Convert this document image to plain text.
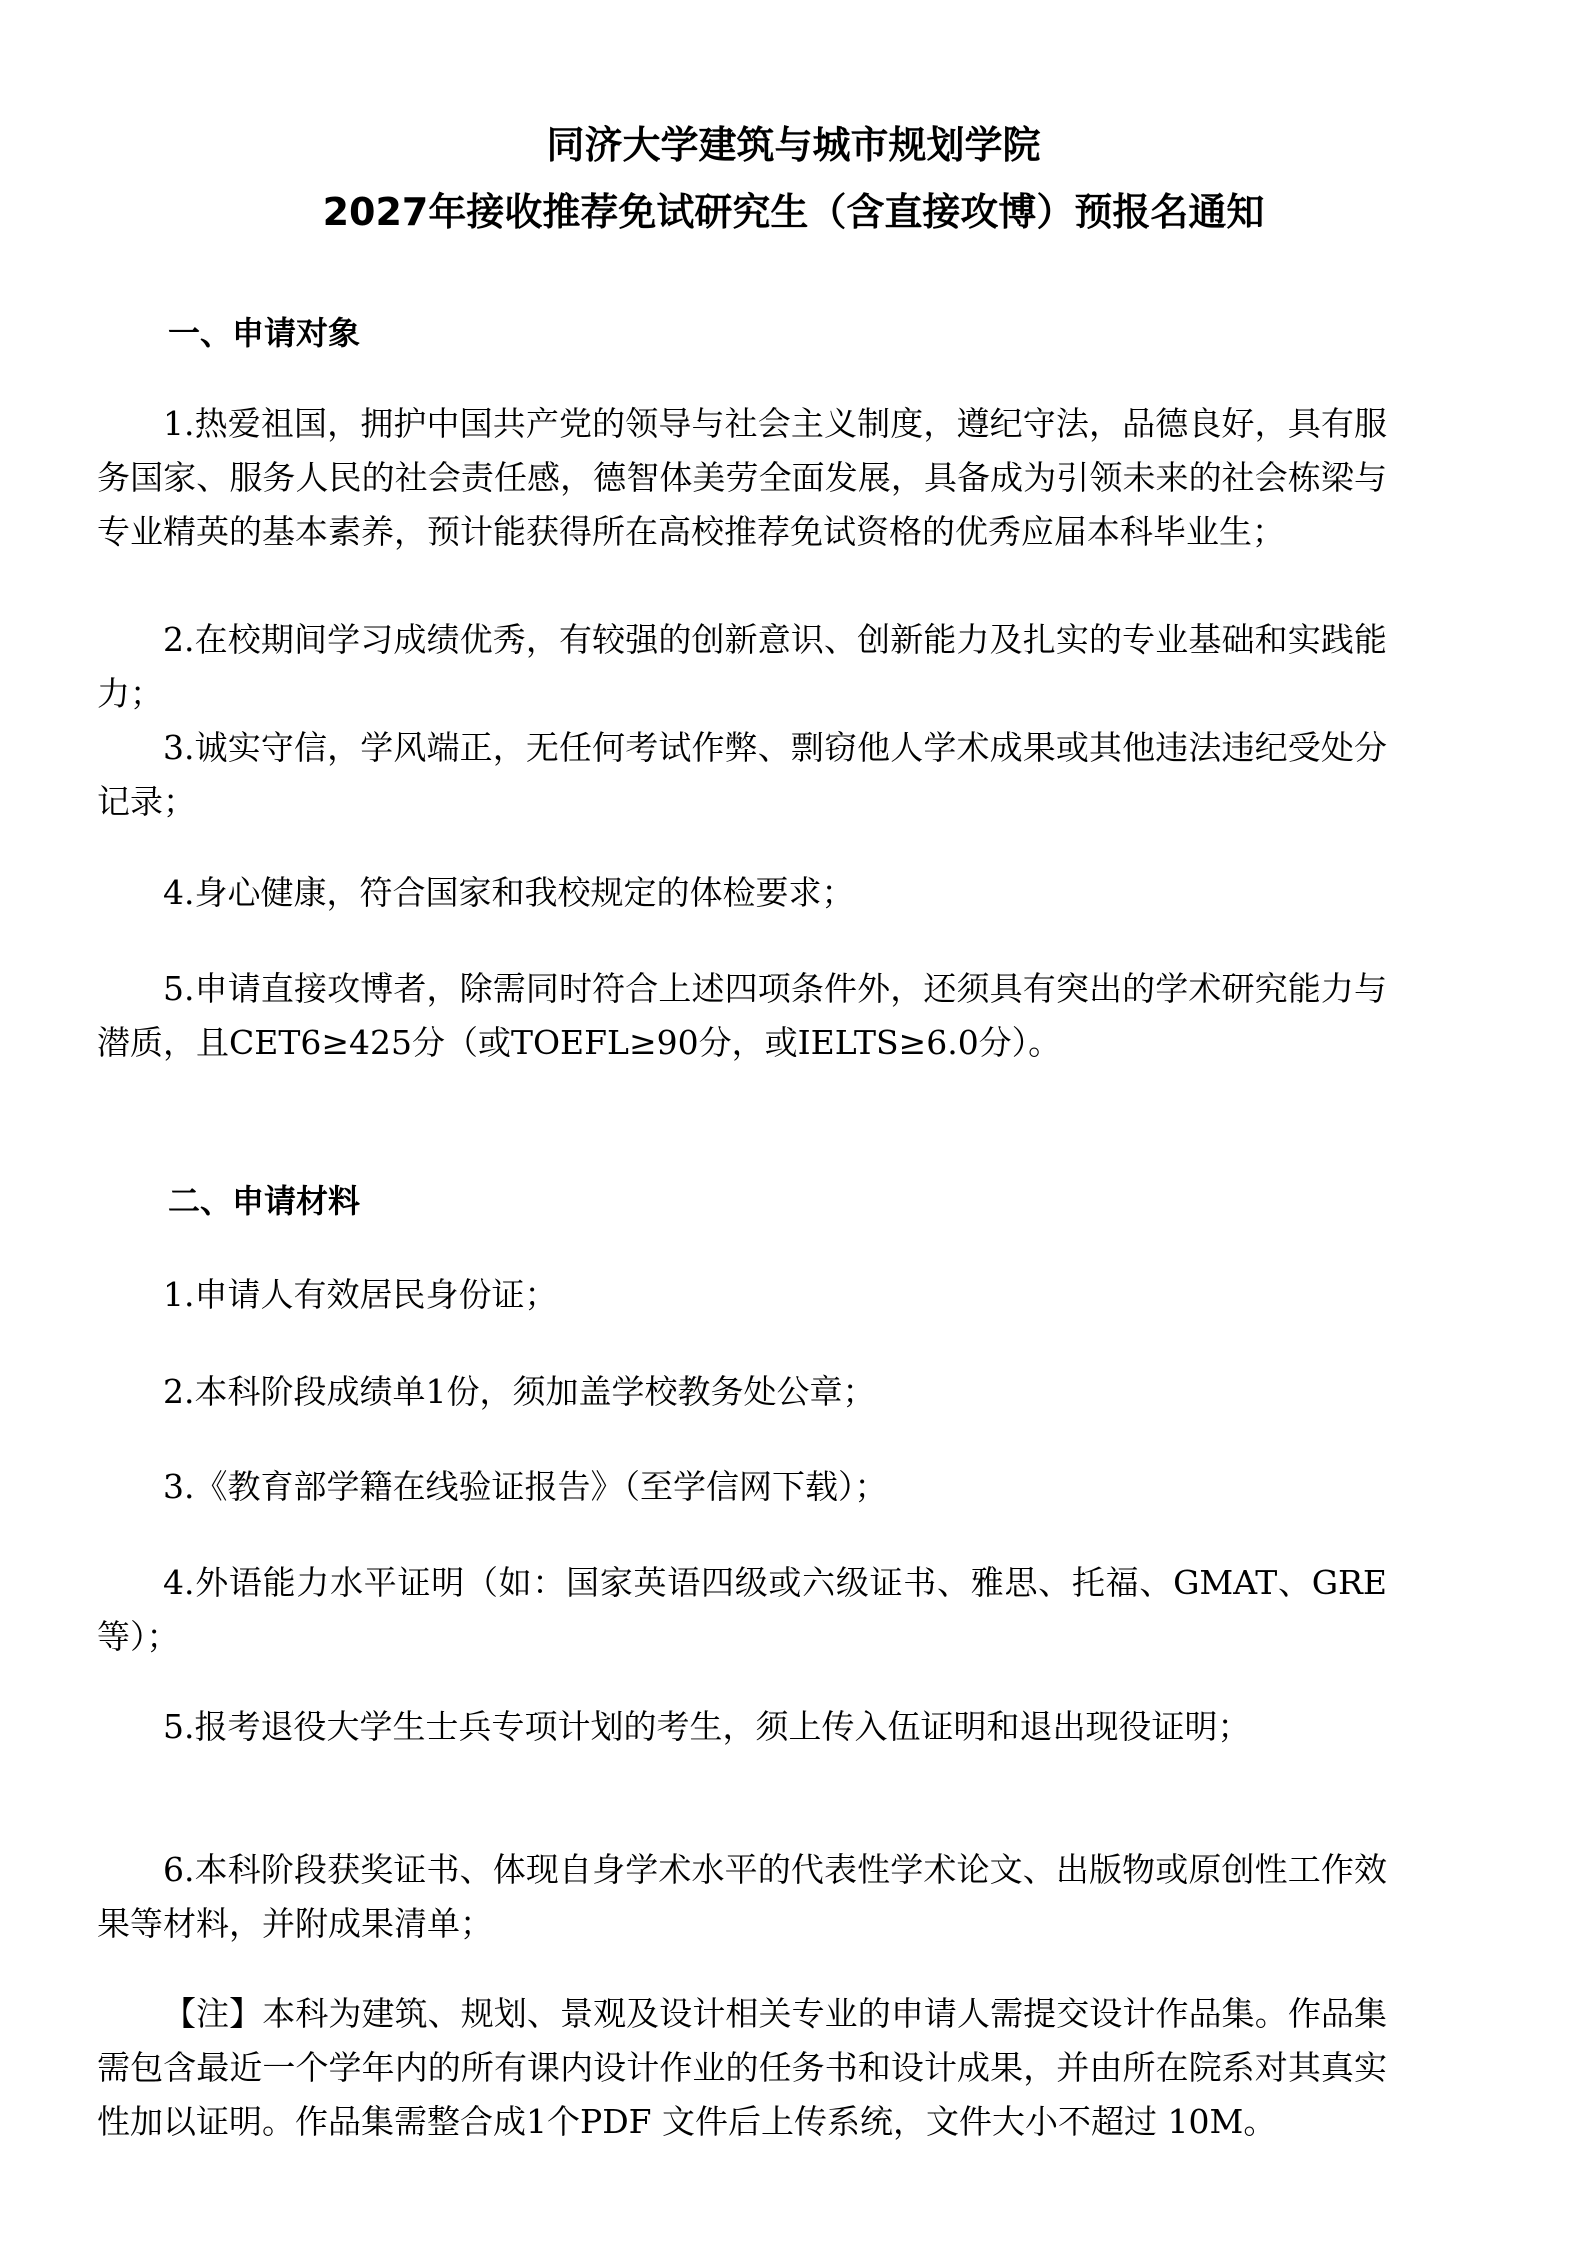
同济大学建筑与城市规划学院
2027年接收推荐免试研究生（含直接攻博）预报名通知
一、申请对象

1.热爱祖国，拥护中国共产党的领导与社会主义制度，遵纪守法，品德良好，具有服务国家、服务人民的社会责任感，德智体美劳全面发展，具备成为引领未来的社会栋梁与专业精英的基本素养，预计能获得所在高校推荐免试资格的优秀应届本科毕业生；

2.在校期间学习成绩优秀，有较强的创新意识、创新能力及扎实的专业基础和实践能力；

3.诚实守信，学风端正，无任何考试作弊、剽窃他人学术成果或其他违法违纪受处分记录；

4.身心健康，符合国家和我校规定的体检要求；

5.申请直接攻博者，除需同时符合上述四项条件外，还须具有突出的学术研究能力与潜质，且CET6≥425分（或TOEFL≥90分，或IELTS≥6.0分）。

二、申请材料

1.申请人有效居民身份证；

2.本科阶段成绩单1份，须加盖学校教务处公章；

3.《教育部学籍在线验证报告》（至学信网下载）；

4.外语能力水平证明（如：国家英语四级或六级证书、雅思、托福、GMAT、GRE 等）；

5.报考退役大学生士兵专项计划的考生，须上传入伍证明和退出现役证明；

6.本科阶段获奖证书、体现自身学术水平的代表性学术论文、出版物或原创性工作效果等材料，并附成果清单；

【注】本科为建筑、规划、景观及设计相关专业的申请人需提交设计作品集。作品集需包含最近一个学年内的所有课内设计作业的任务书和设计成果，并由所在院系对其真实性加以证明。作品集需整合成1个PDF 文件后上传系统，文件大小不超过 10M。
